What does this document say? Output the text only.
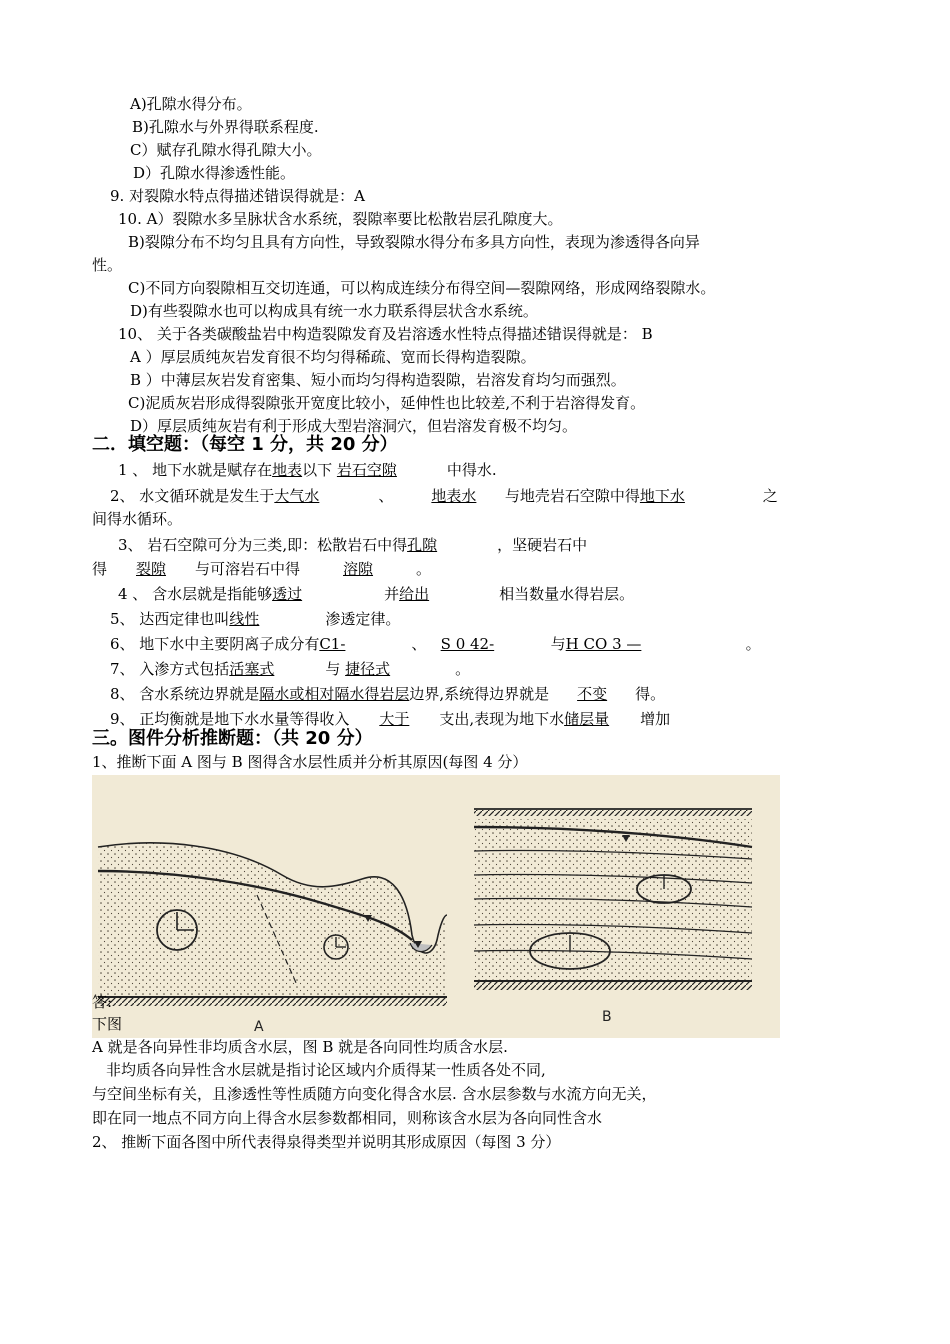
A)孔隙水得分布。
B)孔隙水与外界得联系程度.
C）赋存孔隙水得孔隙大小。
D）孔隙水得渗透性能。
9. 对裂隙水特点得描述错误得就是：A
10. A）裂隙水多呈脉状含水系统，裂隙率要比松散岩层孔隙度大。
B)裂隙分布不均匀且具有方向性，导致裂隙水得分布多具方向性，表现为渗透得各向异
性。
C)不同方向裂隙相互交切连通，可以构成连续分布得空间—裂隙网络，形成网络裂隙水。
D)有些裂隙水也可以构成具有统一水力联系得层状含水系统。
10、 关于各类碳酸盐岩中构造裂隙发育及岩溶透水性特点得描述错误得就是： B
A ）厚层质纯灰岩发育很不均匀得稀疏、宽而长得构造裂隙。
B ）中薄层灰岩发育密集、短小而均匀得构造裂隙，岩溶发育均匀而强烈。
C)泥质灰岩形成得裂隙张开宽度比较小，延伸性也比较差,不利于岩溶得发育。
D）厚层质纯灰岩有利于形成大型岩溶洞穴，但岩溶发育极不均匀。
二．填空题：（每空 1 分，共 20 分）
1 、 地下水就是赋存在地表以下 岩石空隙	中得水.
2、 水文循环就是发生于大气水	、	地表水 与地壳岩石空隙中得地下水	之
间得水循环。
3、 岩石空隙可分为三类,即：松散岩石中得孔隙	，坚硬岩石中
得 裂隙 与可溶岩石中得	溶隙	。
4 、 含水层就是指能够透过	并给出	相当数量水得岩层。
5、 达西定律也叫线性	渗透定律。
6、 地下水中主要阴离子成分有C1-	、 S 0 42-	与H CO 3 —	。
7、 入渗方式包括活塞式	与 捷径式	。
8、 含水系统边界就是隔水或相对隔水得岩层边界,系统得边界就是 不变 得。
9、 正均衡就是地下水水量等得收入 大于 支出,表现为地下水储层量 增加
三。图件分析推断题：（共 20 分）
1、推断下面 A 图与 B 图得含水层性质并分析其原因(每图 4 分）
A
B
答:
下图
A 就是各向异性非均质含水层，图 B 就是各向同性均质含水层.
非均质各向异性含水层就是指讨论区域内介质得某一性质各处不同,
与空间坐标有关，且渗透性等性质随方向变化得含水层. 含水层参数与水流方向无关，
即在同一地点不同方向上得含水层参数都相同，则称该含水层为各向同性含水
2、 推断下面各图中所代表得泉得类型并说明其形成原因（每图 3 分）
